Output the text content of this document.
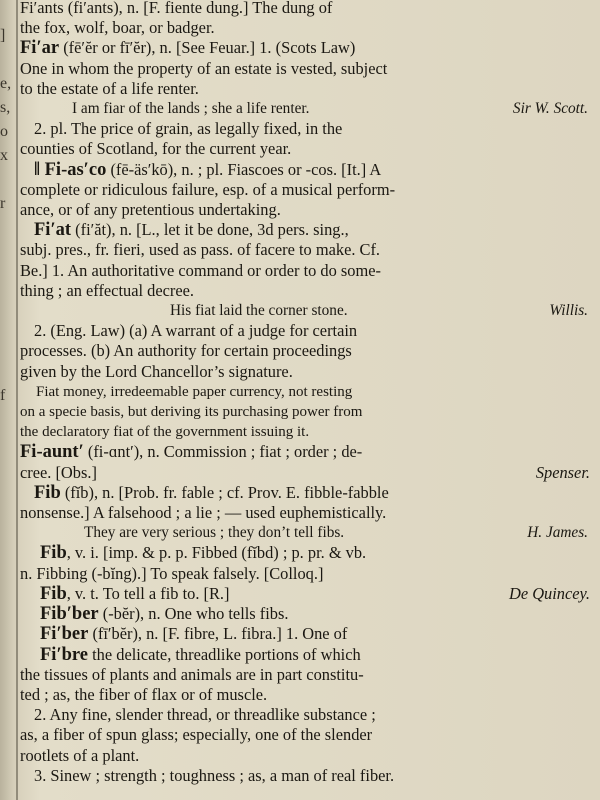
]
e,
s,
o
x
r
f

Fi′ants (fi′ants), n. [F. fiente dung.] The dung of

the fox, wolf, boar, or badger.

Fi′ar (fē′ĕr or fī′ĕr), n. [See Feuar.] 1. (Scots Law)

One in whom the property of an estate is vested, subject

to the estate of a life renter.

I am fiar of the lands ; she a life renter.	Sir W. Scott.

2. pl. The price of grain, as legally fixed, in the

counties of Scotland, for the current year.

‖ Fi-as′co (fē-äs′kō), n. ; pl. Fiascoes or -cos. [It.] A

complete or ridiculous failure, esp. of a musical perform-

ance, or of any pretentious undertaking.

Fi′at (fi′ăt), n. [L., let it be done, 3d pers. sing.,

subj. pres., fr. fieri, used as pass. of facere to make. Cf.

Be.] 1. An authoritative command or order to do some-

thing ; an effectual decree.

His fiat laid the corner stone.	Willis.

2. (Eng. Law) (a) A warrant of a judge for certain

processes. (b) An authority for certain proceedings

given by the Lord Chancellor’s signature.

Fiat money, irredeemable paper currency, not resting

on a specie basis, but deriving its purchasing power from

the declaratory fiat of the government issuing it.

Fi-aunt′ (fi-ɑnt′), n. Commission ; fiat ; order ; de-

cree. [Obs.]	Spenser.

Fib (fĭb), n. [Prob. fr. fable ; cf. Prov. E. fibble-fabble

nonsense.] A falsehood ; a lie ; — used euphemistically.

They are very serious ; they don’t tell fibs.	H. James.

Fib, v. i. [imp. & p. p. Fibbed (fĭbd) ; p. pr. & vb.

n. Fibbing (-bĭng).] To speak falsely. [Colloq.]

Fib, v. t. To tell a fib to. [R.]	De Quincey.

Fib′ber (-bĕr), n. One who tells fibs.

Fi′ber (fī′bĕr), n. [F. fibre, L. fibra.] 1. One of

Fi′bre the delicate, threadlike portions of which

the tissues of plants and animals are in part constitu-

ted ; as, the fiber of flax or of muscle.

2. Any fine, slender thread, or threadlike substance ;

as, a fiber of spun glass; especially, one of the slender

rootlets of a plant.

3. Sinew ; strength ; toughness ; as, a man of real fiber.
